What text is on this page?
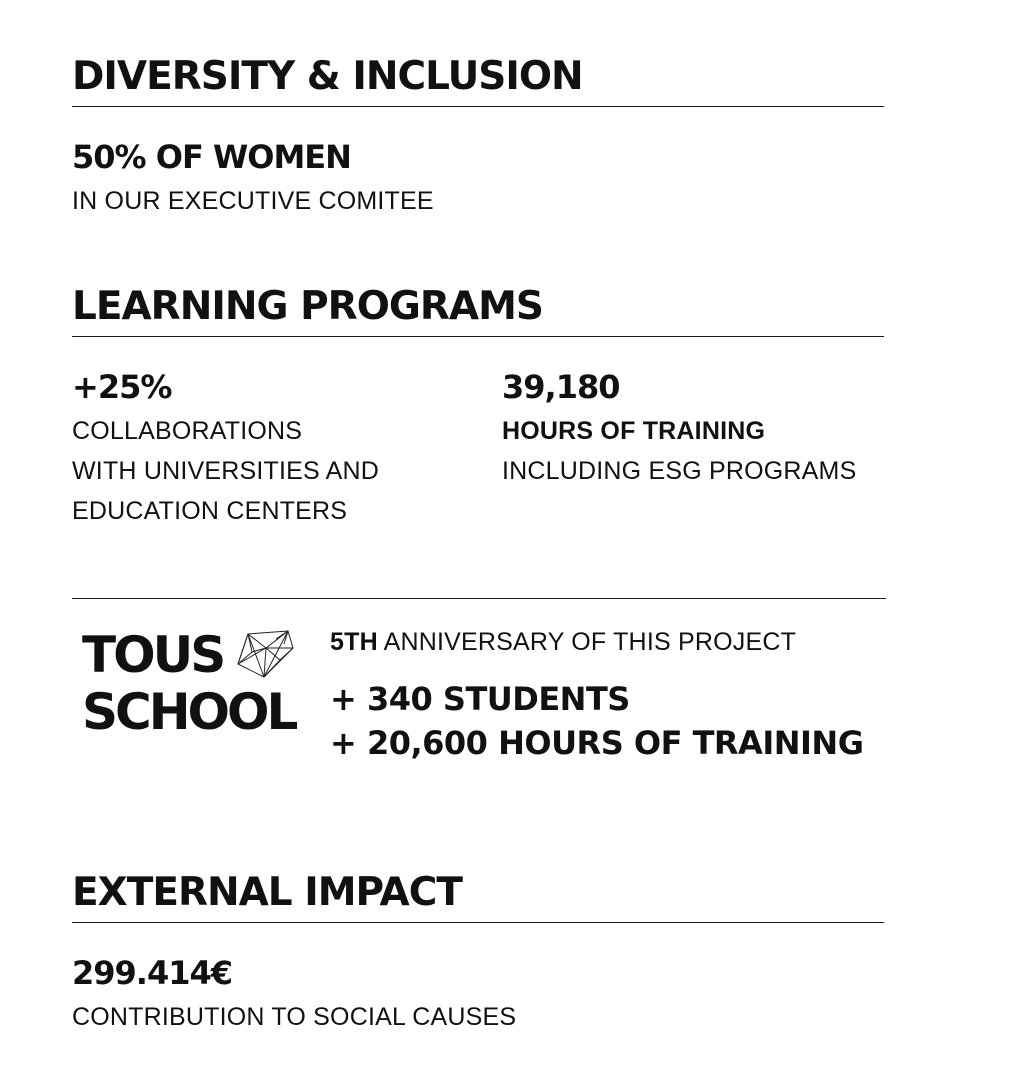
DIVERSITY & INCLUSION
50% OF WOMEN
IN OUR EXECUTIVE COMITEE
LEARNING PROGRAMS
+25%
COLLABORATIONS
WITH UNIVERSITIES AND
EDUCATION CENTERS
39,180
HOURS OF TRAINING
INCLUDING ESG PROGRAMS
TOUS
SCHOOL
5TH ANNIVERSARY OF THIS PROJECT
+ 340 STUDENTS
+ 20,600 HOURS OF TRAINING
EXTERNAL IMPACT
299.414€
CONTRIBUTION TO SOCIAL CAUSES
